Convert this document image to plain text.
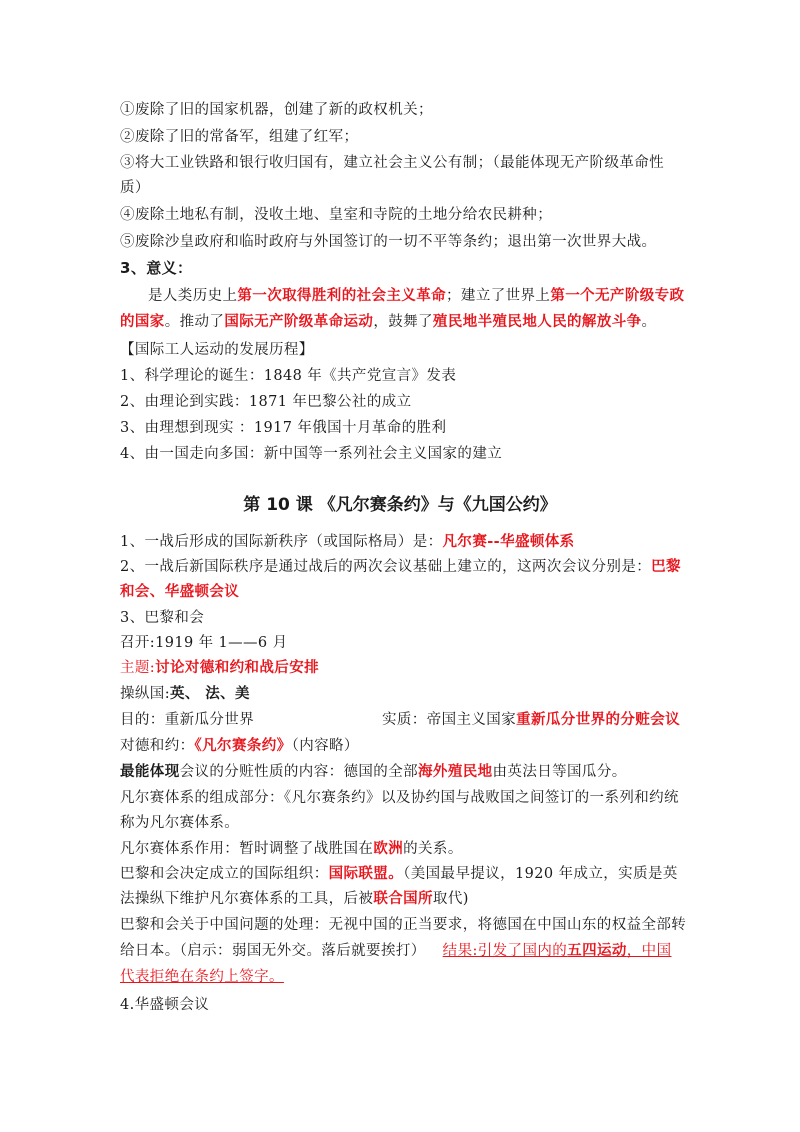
①废除了旧的国家机器，创建了新的政权机关；
②废除了旧的常备军，组建了红军；
③将大工业铁路和银行收归国有，建立社会主义公有制；（最能体现无产阶级革命性
质）
④废除土地私有制，没收土地、皇室和寺院的土地分给农民耕种；
⑤废除沙皇政府和临时政府与外国签订的一切不平等条约；退出第一次世界大战。
3、意义：
是人类历史上第一次取得胜利的社会主义革命；建立了世界上第一个无产阶级专政
的国家。推动了国际无产阶级革命运动，鼓舞了殖民地半殖民地人民的解放斗争。
【国际工人运动的发展历程】
1、科学理论的诞生：1848 年《共产党宣言》发表
2、由理论到实践：1871 年巴黎公社的成立
3、由理想到现实 ：1917 年俄国十月革命的胜利
4、由一国走向多国：新中国等一系列社会主义国家的建立
第 10 课 《凡尔赛条约》与《九国公约》
1、一战后形成的国际新秩序（或国际格局）是：凡尔赛--华盛顿体系
2、一战后新国际秩序是通过战后的两次会议基础上建立的，这两次会议分别是：巴黎
和会、华盛顿会议
3、巴黎和会
召开:1919 年 1——6 月
主题:讨论对德和约和战后安排
操纵国:英、 法、美
目的：重新瓜分世界	实质：帝国主义国家重新瓜分世界的分赃会议
对德和约：《凡尔赛条约》（内容略）
最能体现会议的分赃性质的内容：德国的全部海外殖民地由英法日等国瓜分。
凡尔赛体系的组成部分：《凡尔赛条约》以及协约国与战败国之间签订的一系列和约统
称为凡尔赛体系。
凡尔赛体系作用：暂时调整了战胜国在欧洲的关系。
巴黎和会决定成立的国际组织：国际联盟。（美国最早提议，1920 年成立，实质是英
法操纵下维护凡尔赛体系的工具，后被联合国所取代)
巴黎和会关于中国问题的处理：无视中国的正当要求，将德国在中国山东的权益全部转
给日本。（启示：弱国无外交。落后就要挨打） 结果:引发了国内的五四运动，中国
代表拒绝在条约上签字。
4.华盛顿会议
